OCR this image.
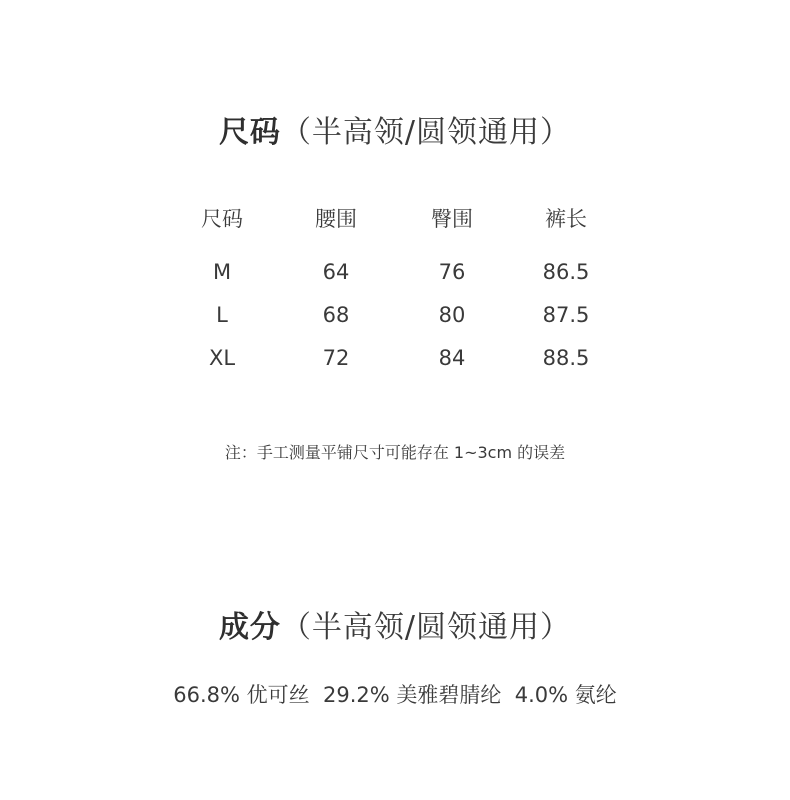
尺码（半高领/圆领通用）
尺码	腰围	臀围	裤长
M	64	76	86.5
L	68	80	87.5
XL	72	84	88.5
注：手工测量平铺尺寸可能存在 1~3cm 的误差
成分（半高领/圆领通用）
66.8% 优可丝  29.2% 美雅碧腈纶  4.0% 氨纶
